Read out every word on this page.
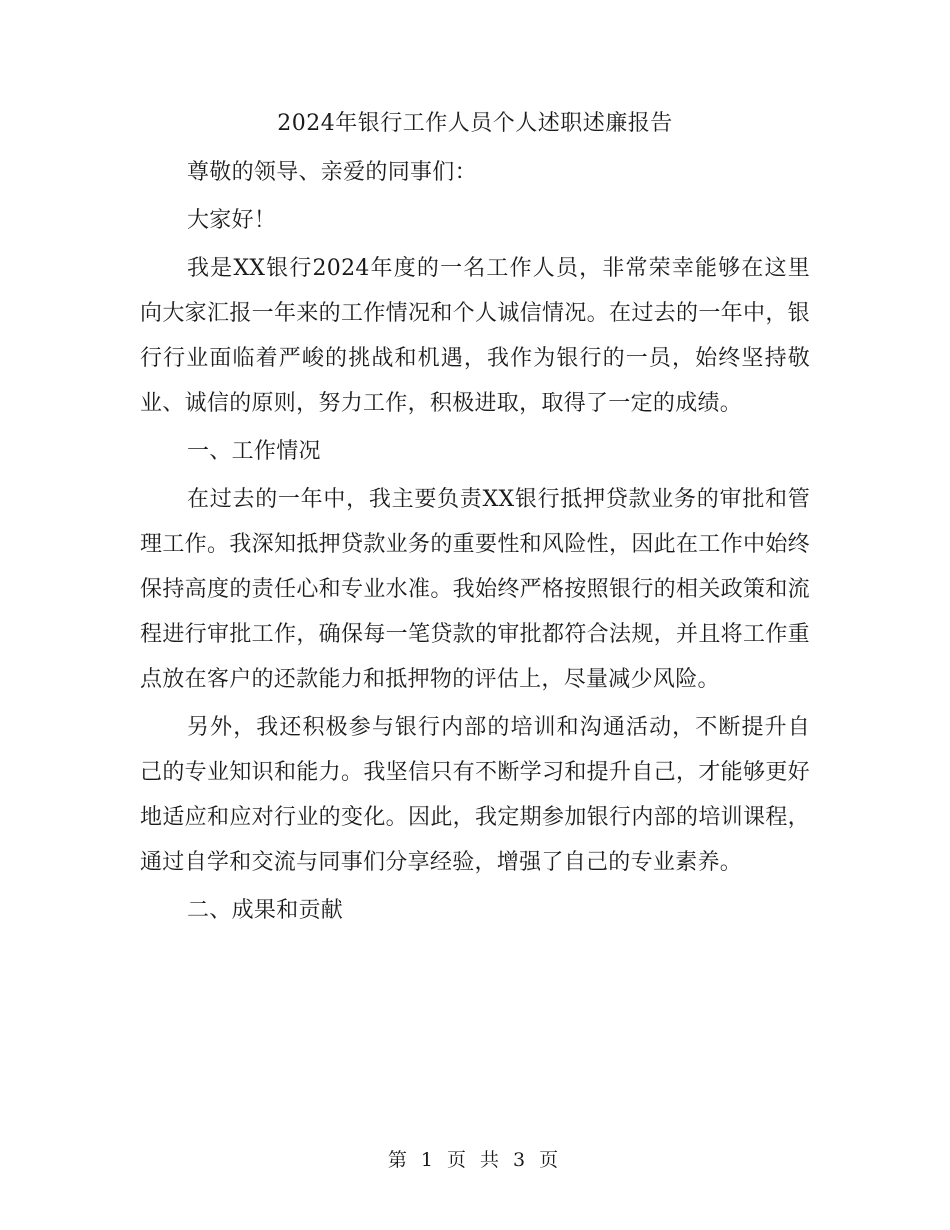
2024年银行工作人员个人述职述廉报告

尊敬的领导、亲爱的同事们：

大家好！

我是XX银行2024年度的一名工作人员，非常荣幸能够在这里向大家汇报一年来的工作情况和个人诚信情况。在过去的一年中，银行行业面临着严峻的挑战和机遇，我作为银行的一员，始终坚持敬业、诚信的原则，努力工作，积极进取，取得了一定的成绩。

一、工作情况

在过去的一年中，我主要负责XX银行抵押贷款业务的审批和管理工作。我深知抵押贷款业务的重要性和风险性，因此在工作中始终保持高度的责任心和专业水准。我始终严格按照银行的相关政策和流程进行审批工作，确保每一笔贷款的审批都符合法规，并且将工作重点放在客户的还款能力和抵押物的评估上，尽量减少风险。

另外，我还积极参与银行内部的培训和沟通活动，不断提升自己的专业知识和能力。我坚信只有不断学习和提升自己，才能够更好地适应和应对行业的变化。因此，我定期参加银行内部的培训课程，通过自学和交流与同事们分享经验，增强了自己的专业素养。

二、成果和贡献

第 1 页 共 3 页
